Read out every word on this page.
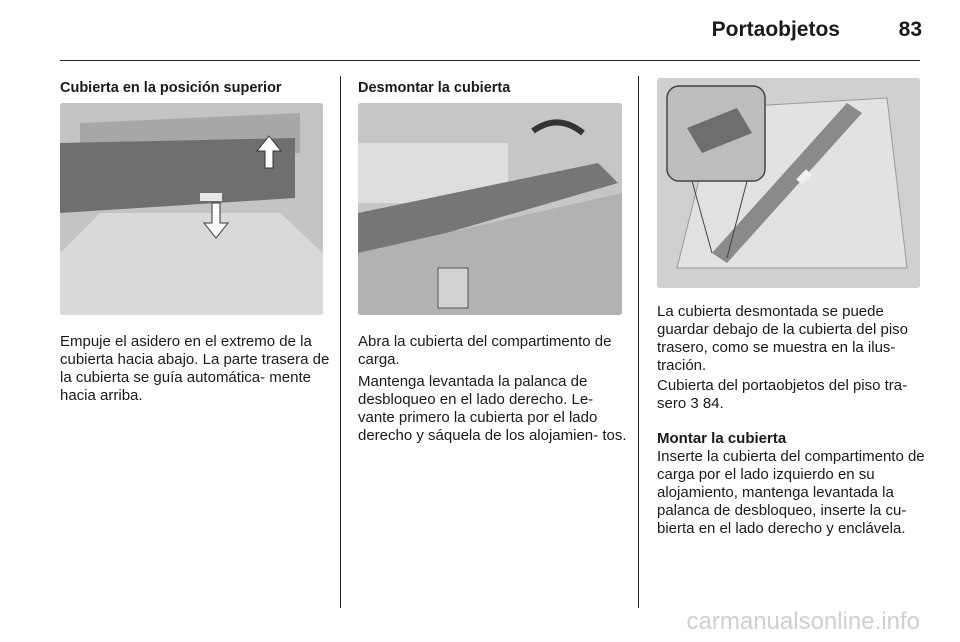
Portaobjetos	83
Cubierta en la posición superior

Empuje el asidero en el extremo de la cubierta hacia abajo. La parte trasera de la cubierta se guía automática- mente hacia arriba.

Desmontar la cubierta

Abra la cubierta del compartimento de carga.

Mantenga levantada la palanca de desbloqueo en el lado derecho. Le- vante primero la cubierta por el lado derecho y sáquela de los alojamien- tos.

La cubierta desmontada se puede guardar debajo de la cubierta del piso trasero, como se muestra en la ilus- tración.

Cubierta del portaobjetos del piso tra- sero 3 84.

Montar la cubierta
Inserte la cubierta del compartimento de carga por el lado izquierdo en su alojamiento, mantenga levantada la palanca de desbloqueo, inserte la cu- bierta en el lado derecho y enclávela.

carmanualsonline.info
